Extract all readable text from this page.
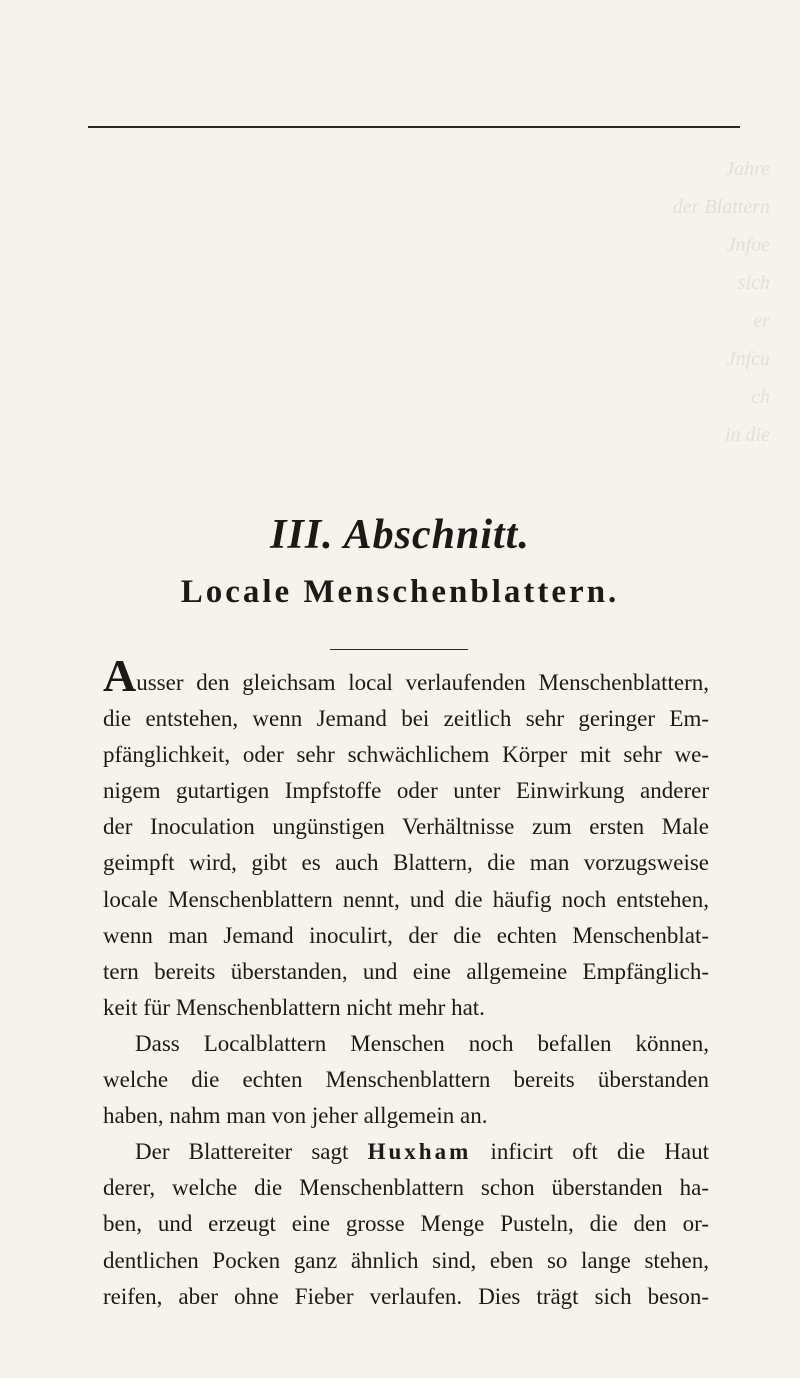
Jahre
der Blattern
Jnfoe
sich
er
Jnfcu
ch
in die
III. Abschnitt.
Locale Menschenblattern.
Ausser den gleichsam local verlaufenden Menschenblattern,
die entstehen, wenn Jemand bei zeitlich sehr geringer Em-
pfänglichkeit, oder sehr schwächlichem Körper mit sehr we-
nigem gutartigen Impfstoffe oder unter Einwirkung anderer
der Inoculation ungünstigen Verhältnisse zum ersten Male
geimpft wird, gibt es auch Blattern, die man vorzugsweise
locale Menschenblattern nennt, und die häufig noch entstehen,
wenn man Jemand inoculirt, der die echten Menschenblat-
tern bereits überstanden, und eine allgemeine Empfänglich-
keit für Menschenblattern nicht mehr hat.
Dass Localblattern Menschen noch befallen können,
welche die echten Menschenblattern bereits überstanden
haben, nahm man von jeher allgemein an.
Der Blattereiter sagt Huxham inficirt oft die Haut
derer, welche die Menschenblattern schon überstanden ha-
ben, und erzeugt eine grosse Menge Pusteln, die den or-
dentlichen Pocken ganz ähnlich sind, eben so lange stehen,
reifen, aber ohne Fieber verlaufen. Dies trägt sich beson-
